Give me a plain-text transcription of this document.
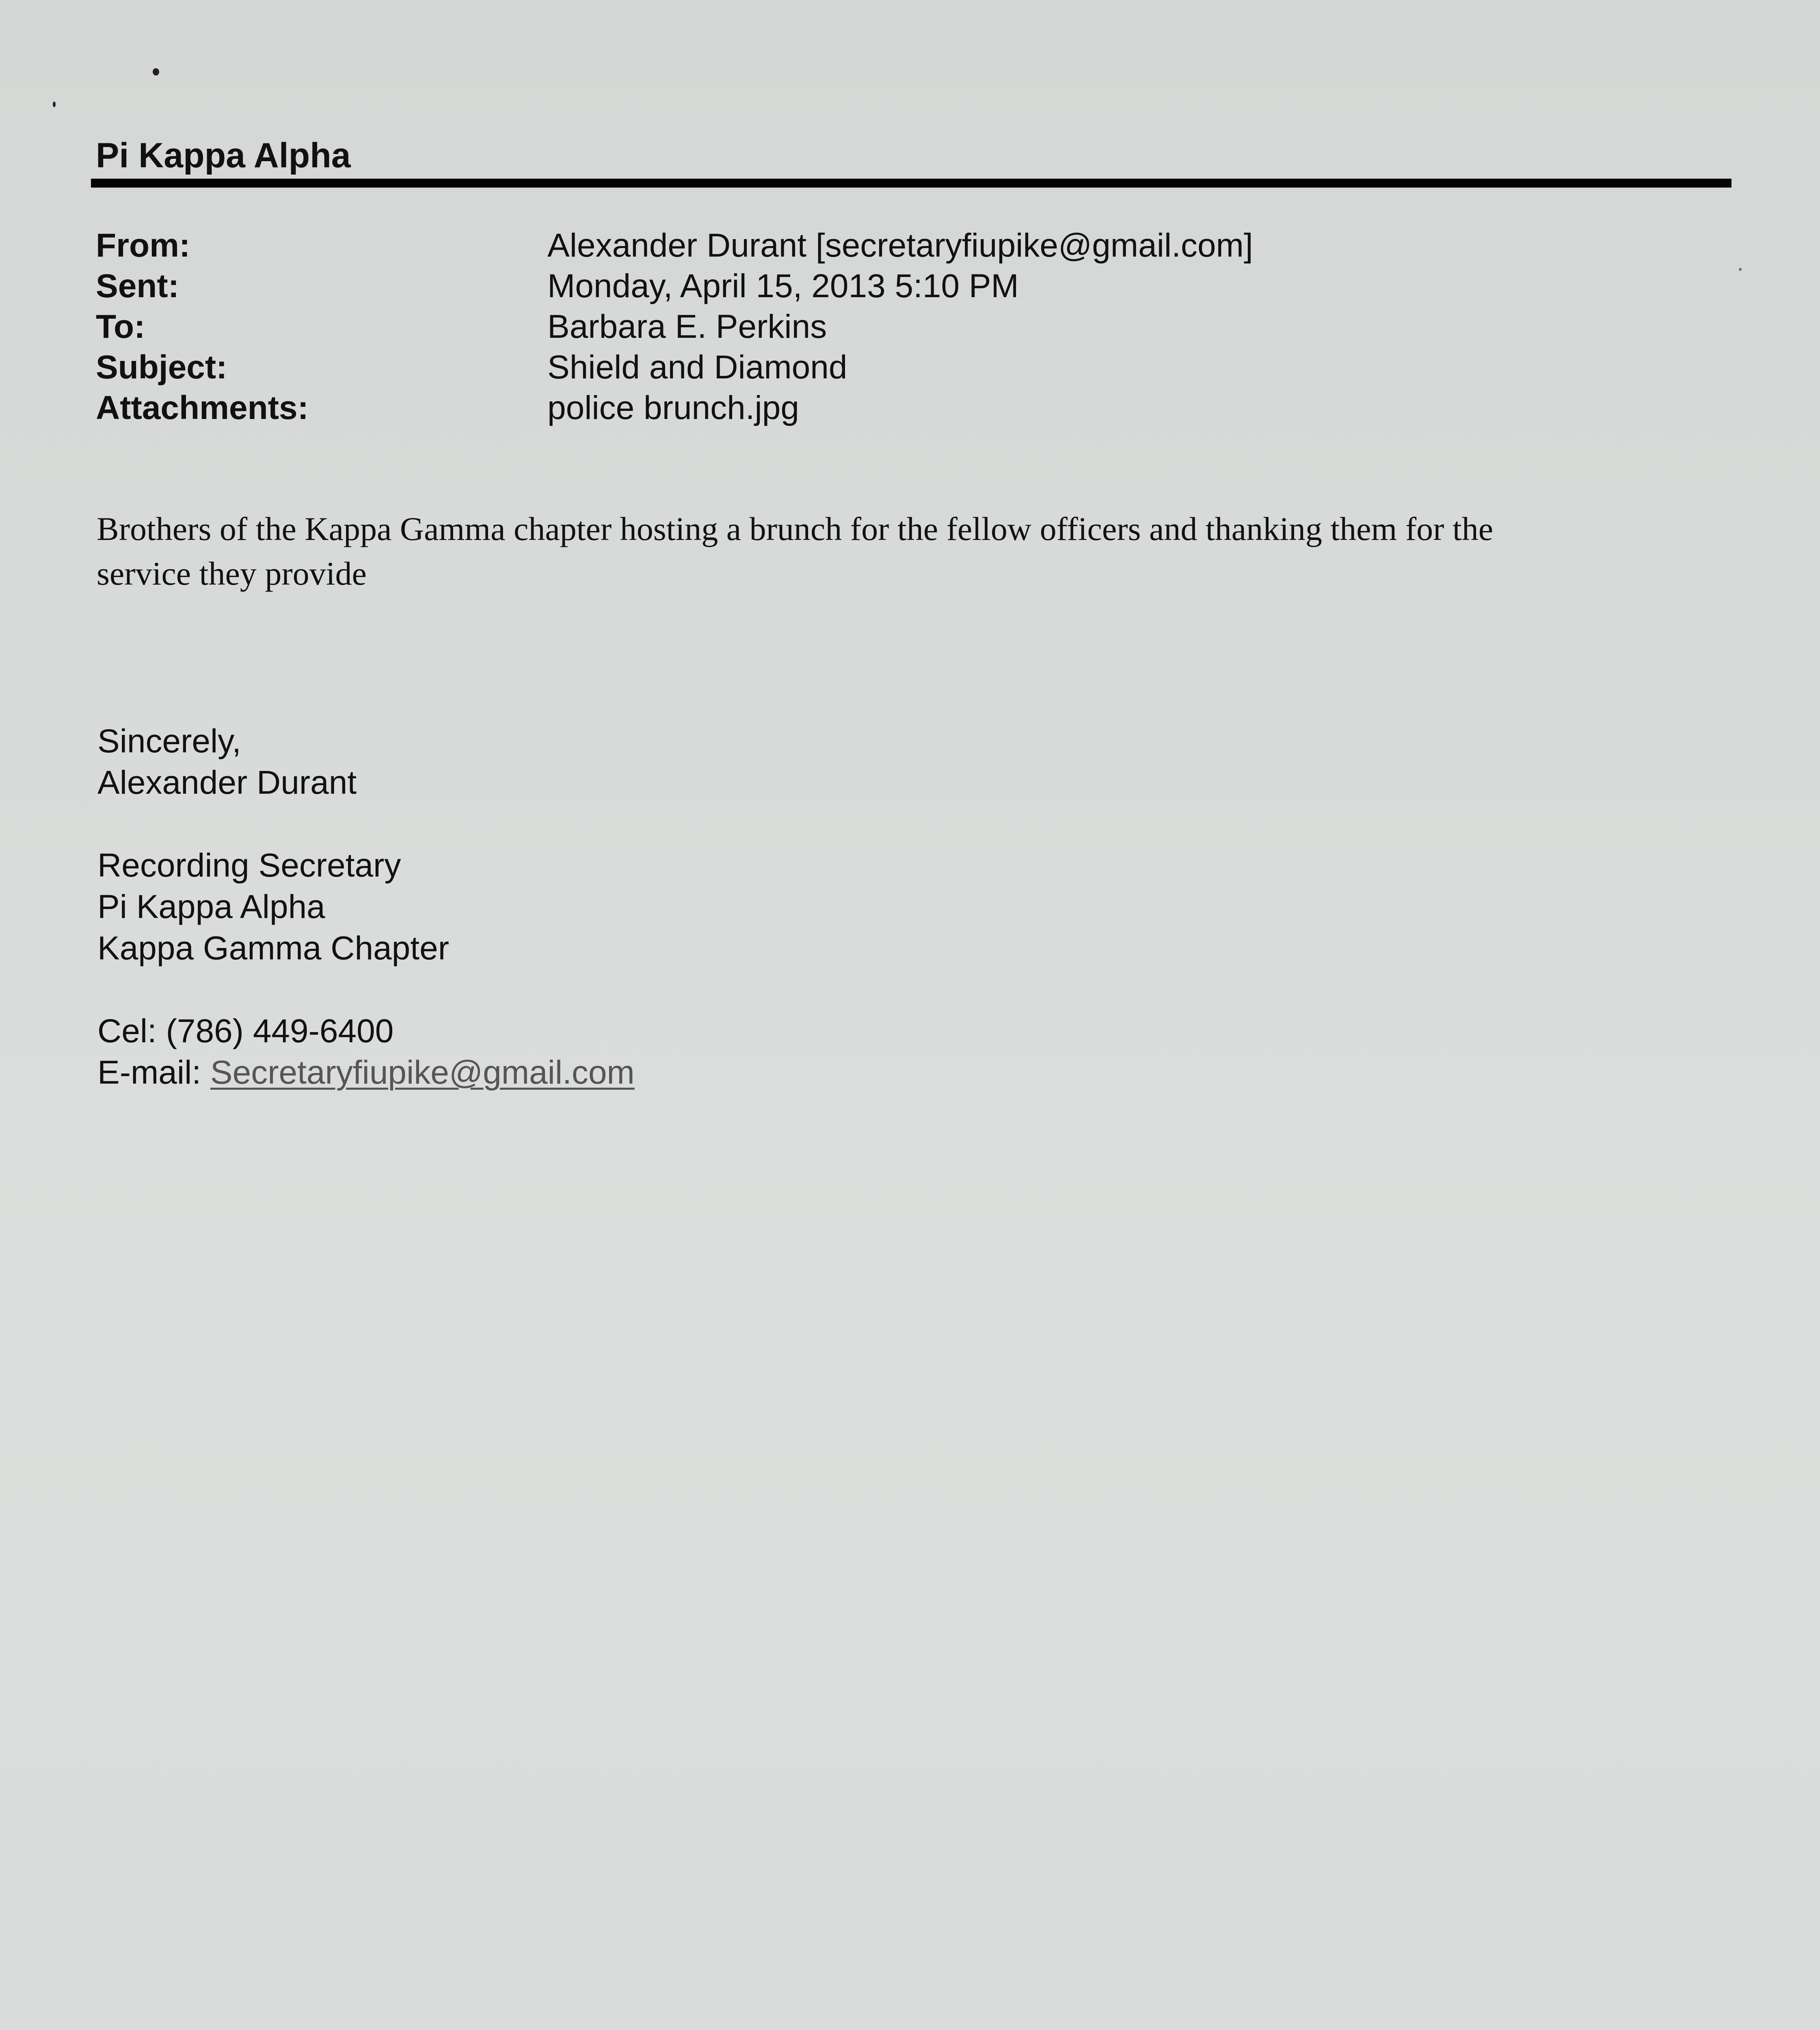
Pi Kappa Alpha
From:	Alexander Durant [secretaryfiupike@gmail.com]
Sent:	Monday, April 15, 2013 5:10 PM
To:	Barbara E. Perkins
Subject:	Shield and Diamond
Attachments:	police brunch.jpg
Brothers of the Kappa Gamma chapter hosting a brunch for the fellow officers and thanking them for the
service they provide
Sincerely,
Alexander Durant
Recording Secretary
Pi Kappa Alpha
Kappa Gamma Chapter
Cel: (786) 449-6400
E-mail: Secretaryfiupike@gmail.com
